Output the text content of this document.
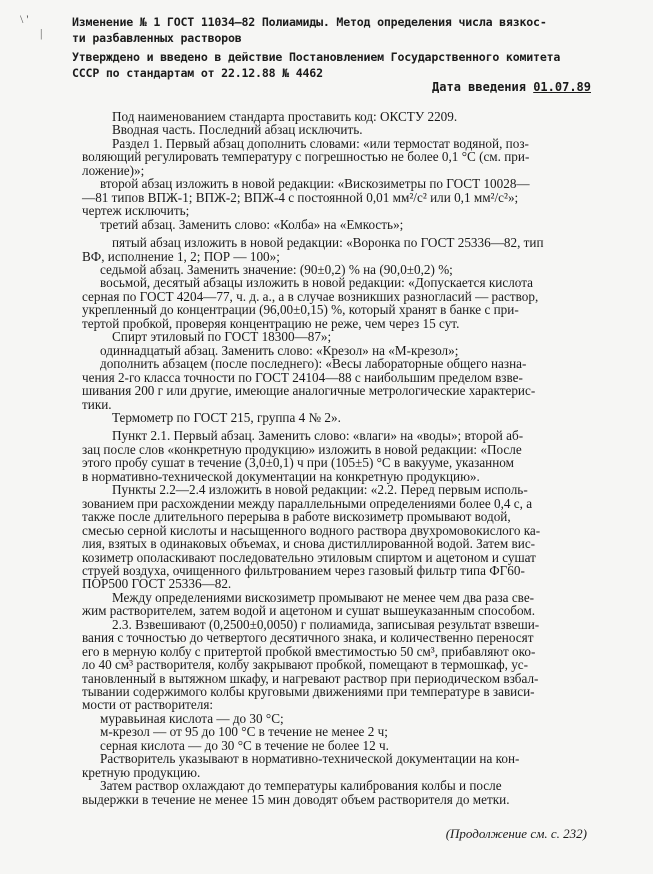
\ '
|
Изменение № 1 ГОСТ 11034—82 Полиамиды. Метод определения числа вязкос-
ти разбавленных растворов
Утверждено и введено в действие Постановлением Государственного комитета
СССР по стандартам от 22.12.88 № 4462
Дата введения 01.07.89

Под наименованием стандарта проставить код: ОКСТУ 2209.

Вводная часть. Последний абзац исключить.

Раздел 1. Первый абзац дополнить словами: «или термостат водяной, поз-

воляющий регулировать температуру с погрешностью не более 0,1 °С (см. при-

ложение)»;

второй абзац изложить в новой редакции: «Вискозиметры по ГОСТ 10028—

—81 типов ВПЖ-1; ВПЖ-2; ВПЖ-4 с постоянной 0,01 мм²/с² или 0,1 мм²/с²»;

чертеж исключить;

третий абзац. Заменить слово: «Колба» на «Емкость»;

пятый абзац изложить в новой редакции: «Воронка по ГОСТ 25336—82, тип

ВФ, исполнение 1, 2; ПОР — 100»;

седьмой абзац. Заменить значение: (90±0,2) % на (90,0±0,2) %;

восьмой, десятый абзацы изложить в новой редакции: «Допускается кислота

серная по ГОСТ 4204—77, ч. д. а., а в случае возникших разногласий — раствор,

укрепленный до концентрации (96,00±0,15) %, который хранят в банке с при-

тертой пробкой, проверяя концентрацию не реже, чем через 15 сут.

Спирт этиловый по ГОСТ 18300—87»;

одиннадцатый абзац. Заменить слово: «Крезол» на «М-крезол»;

дополнить абзацем (после последнего): «Весы лабораторные общего назна-

чения 2-го класса точности по ГОСТ 24104—88 с наибольшим пределом взве-

шивания 200 г или другие, имеющие аналогичные метрологические характерис-

тики.

Термометр по ГОСТ 215, группа 4 № 2».

Пункт 2.1. Первый абзац. Заменить слово: «влаги» на «воды»; второй аб-

зац после слов «конкретную продукцию» изложить в новой редакции: «После

этого пробу сушат в течение (3,0±0,1) ч при (105±5) °С в вакууме, указанном

в нормативно-технической документации на конкретную продукцию».

Пункты 2.2—2.4 изложить в новой редакции: «2.2. Перед первым исполь-

зованием при расхождении между параллельными определениями более 0,4 с, а

также после длительного перерыва в работе вискозиметр промывают водой,

смесью серной кислоты и насыщенного водного раствора двухромовокислого ка-

лия, взятых в одинаковых объемах, и снова дистиллированной водой. Затем вис-

козиметр ополаскивают последовательно этиловым спиртом и ацетоном и сушат

струей воздуха, очищенного фильтрованием через газовый фильтр типа ФГ60-

ПОР500 ГОСТ 25336—82.

Между определениями вискозиметр промывают не менее чем два раза све-

жим растворителем, затем водой и ацетоном и сушат вышеуказанным способом.

2.3. Взвешивают (0,2500±0,0050) г полиамида, записывая результат взвеши-

вания с точностью до четвертого десятичного знака, и количественно переносят

его в мерную колбу с притертой пробкой вместимостью 50 см³, прибавляют око-

ло 40 см³ растворителя, колбу закрывают пробкой, помещают в термошкаф, ус-

тановленный в вытяжном шкафу, и нагревают раствор при периодическом взбал-

тывании содержимого колбы круговыми движениями при температуре в зависи-

мости от растворителя:

муравьиная кислота — до 30 °С;

м-крезол — от 95 до 100 °С в течение не менее 2 ч;

серная кислота — до 30 °С в течение не более 12 ч.

Растворитель указывают в нормативно-технической документации на кон-

кретную продукцию.

Затем раствор охлаждают до температуры калибрования колбы и после

выдержки в течение не менее 15 мин доводят объем растворителя до метки.

(Продолжение см. с. 232)
